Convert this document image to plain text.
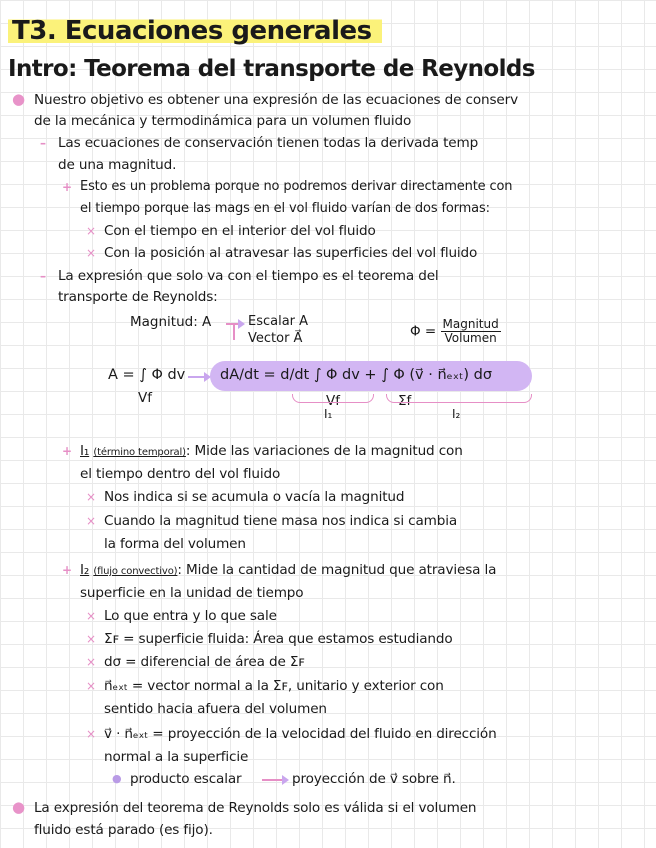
T3. Ecuaciones generales
Intro: Teorema del transporte de Reynolds
● Nuestro objetivo es obtener una expresión de las ecuaciones de conserv
de la mecánica y termodinámica para un volumen fluido
– Las ecuaciones de conservación tienen todas la derivada temp
de una magnitud.
+ Esto es un problema porque no podremos derivar directamente con
el tiempo porque las mags en el vol fluido varían de dos formas:
× Con el tiempo en el interior del vol fluido
× Con la posición al atravesar las superficies del vol fluido
– La expresión que solo va con el tiempo es el teorema del
transporte de Reynolds:
Magnitud: A	Escalar A
Vector A⃗	$\Phi = \frac{\text{Magnitud}}{\text{Volumen}}$
A = ∫ Φ dv
Vf
dA/dt = d/dt ∫ Φ dv + ∫ Φ (v⃗ · n⃗ₑₓₜ) dσ
Vf	Σf
I₁	I₂
+ I₁ (término temporal): Mide las variaciones de la magnitud con
el tiempo dentro del vol fluido
× Nos indica si se acumula o vacía la magnitud
× Cuando la magnitud tiene masa nos indica si cambia
la forma del volumen
+ I₂ (flujo convectivo): Mide la cantidad de magnitud que atraviesa la
superficie en la unidad de tiempo
× Lo que entra y lo que sale
× Σꜰ = superficie fluida: Área que estamos estudiando
× dσ = diferencial de área de Σꜰ
× n⃗ₑₓₜ = vector normal a la Σꜰ, unitario y exterior con
sentido hacia afuera del volumen
× v⃗ · n⃗ₑₓₜ = proyección de la velocidad del fluido en dirección
normal a la superficie
● producto escalar	proyección de v⃗ sobre n⃗.
● La expresión del teorema de Reynolds solo es válida si el volumen
fluido está parado (es fijo).
